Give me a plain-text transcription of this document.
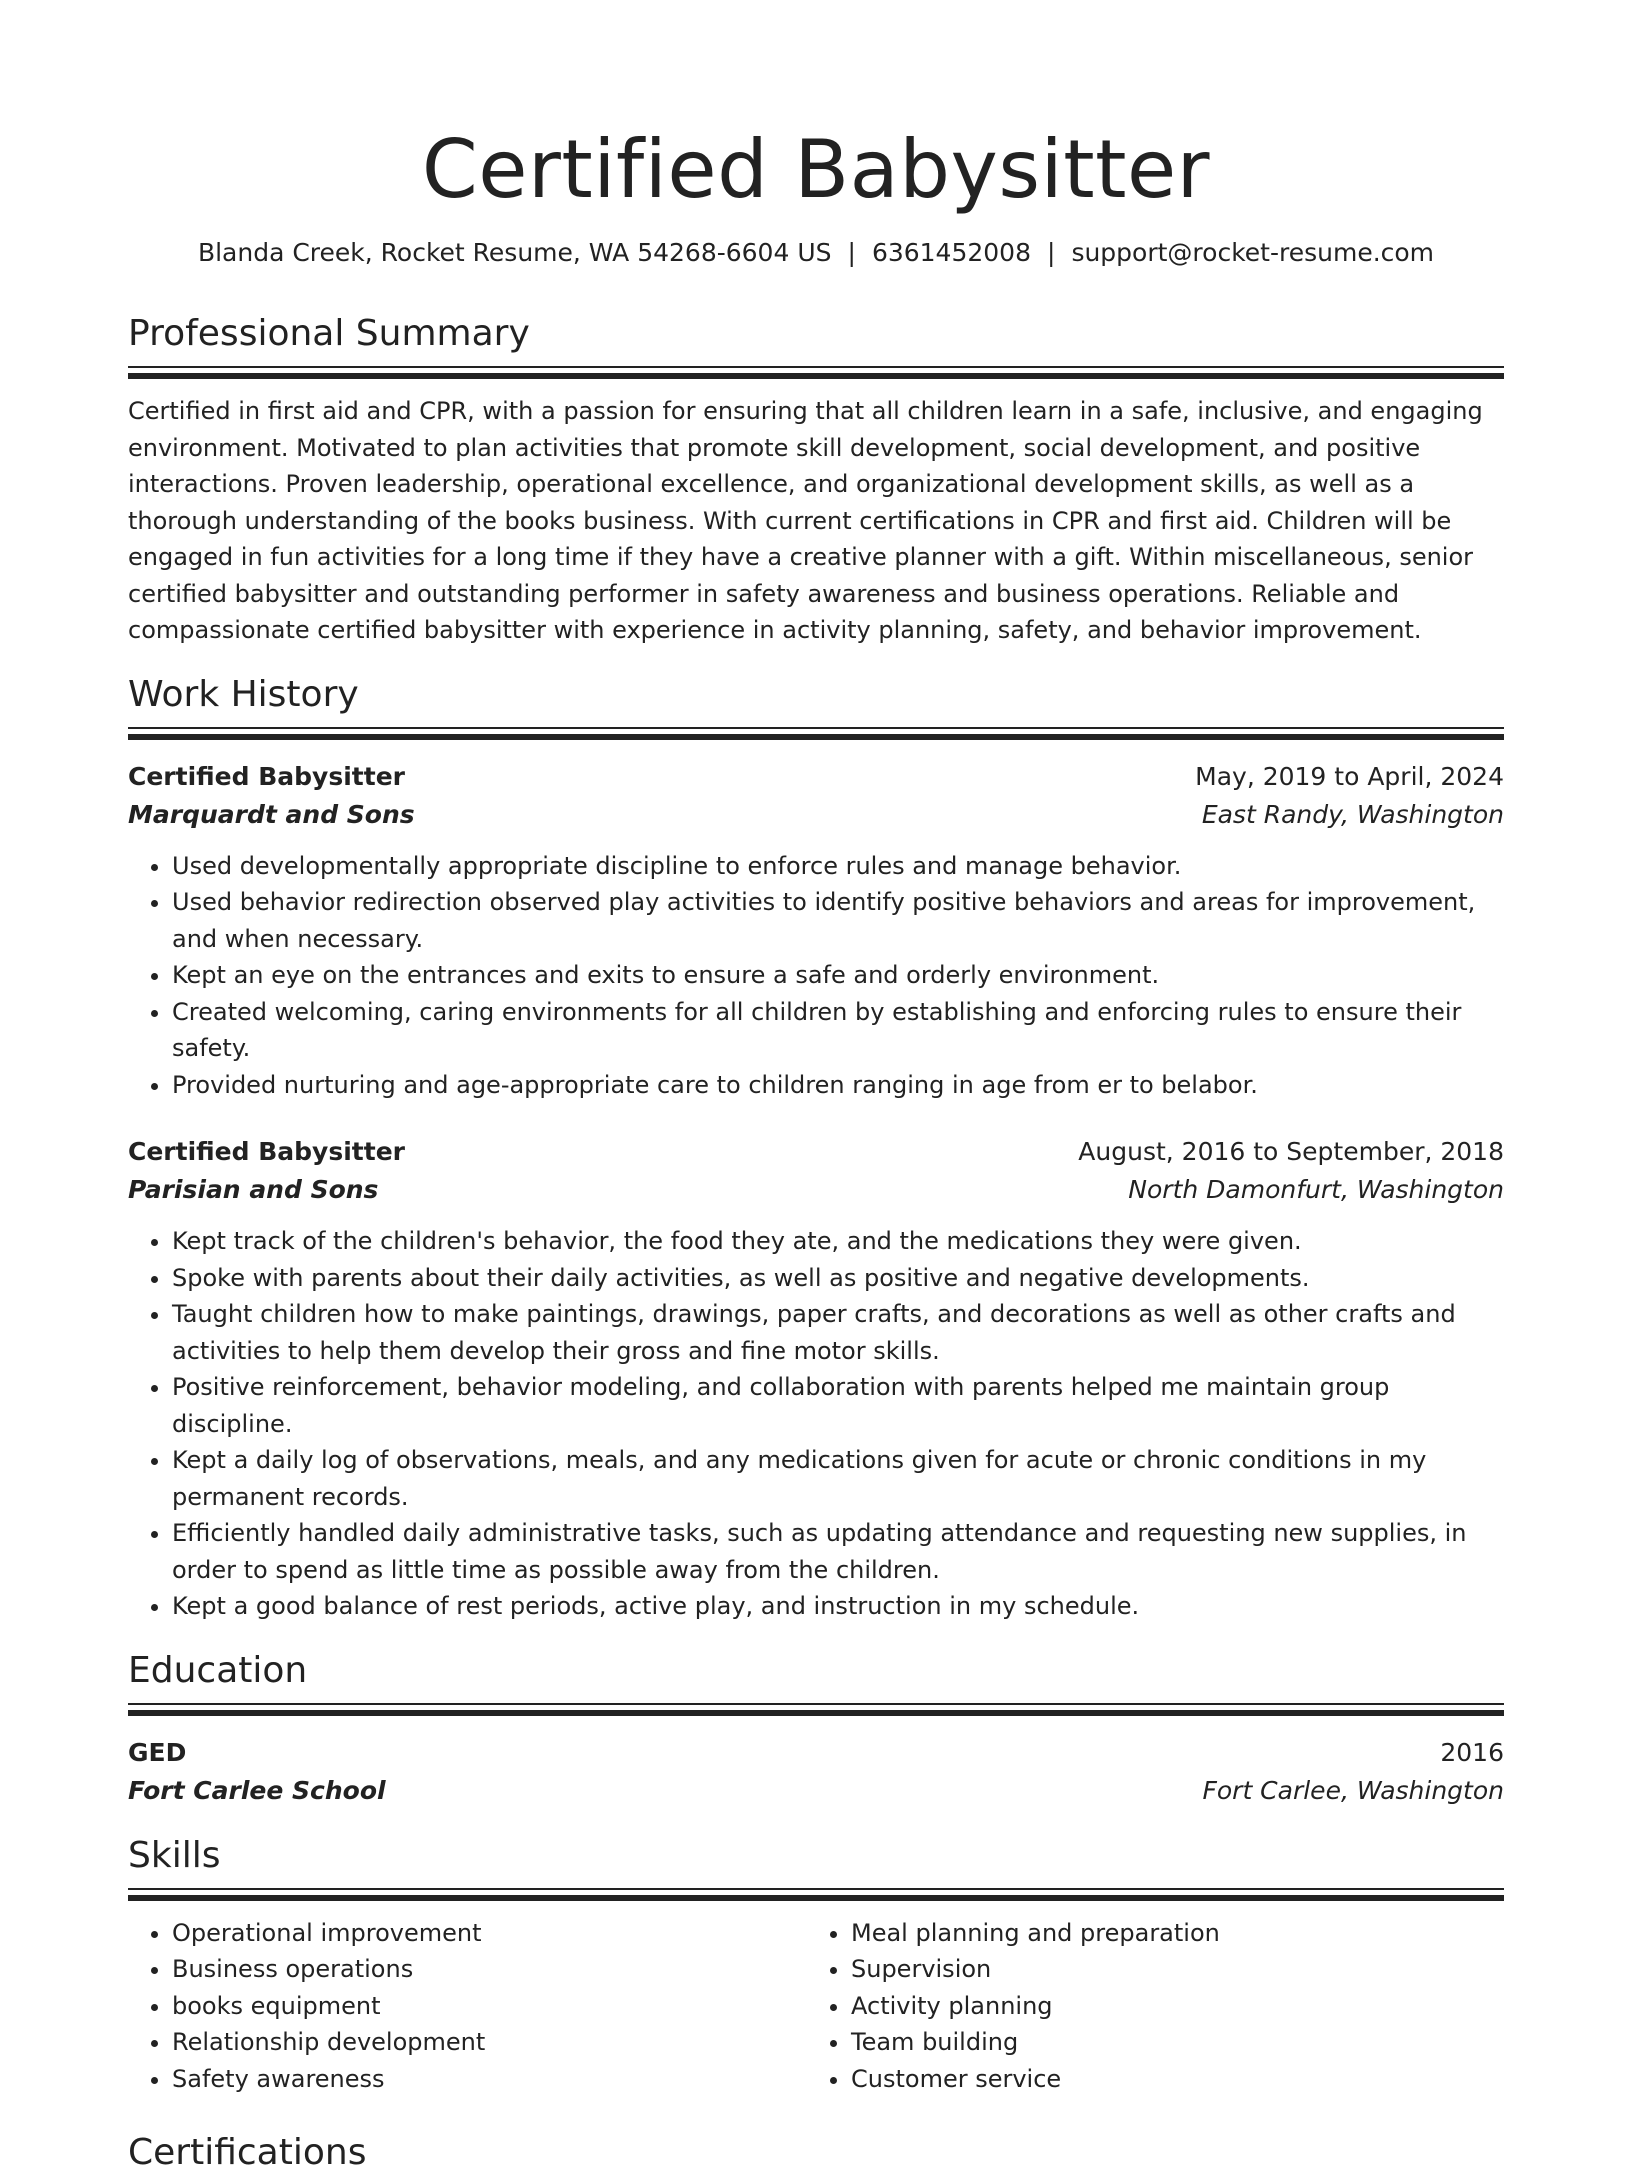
Certified Babysitter
Blanda Creek, Rocket Resume, WA 54268-6604 US | 6361452008 | support@rocket-resume.com
Professional Summary

Certified in first aid and CPR, with a passion for ensuring that all children learn in a safe, inclusive, and engaging environment. Motivated to plan activities that promote skill development, social development, and positive interactions. Proven leadership, operational excellence, and organizational development skills, as well as a thorough understanding of the books business. With current certifications in CPR and first aid. Children will be engaged in fun activities for a long time if they have a creative planner with a gift. Within miscellaneous, senior certified babysitter and outstanding performer in safety awareness and business operations. Reliable and compassionate certified babysitter with experience in activity planning, safety, and behavior improvement.

Work History
Certified Babysitter	May, 2019 to April, 2024
Marquardt and Sons	East Randy, Washington
• Used developmentally appropriate discipline to enforce rules and manage behavior.
• Used behavior redirection observed play activities to identify positive behaviors and areas for improvement, and when necessary.
• Kept an eye on the entrances and exits to ensure a safe and orderly environment.
• Created welcoming, caring environments for all children by establishing and enforcing rules to ensure their safety.
• Provided nurturing and age-appropriate care to children ranging in age from er to belabor.
Certified Babysitter	August, 2016 to September, 2018
Parisian and Sons	North Damonfurt, Washington
• Kept track of the children's behavior, the food they ate, and the medications they were given.
• Spoke with parents about their daily activities, as well as positive and negative developments.
• Taught children how to make paintings, drawings, paper crafts, and decorations as well as other crafts and activities to help them develop their gross and fine motor skills.
• Positive reinforcement, behavior modeling, and collaboration with parents helped me maintain group discipline.
• Kept a daily log of observations, meals, and any medications given for acute or chronic conditions in my permanent records.
• Efficiently handled daily administrative tasks, such as updating attendance and requesting new supplies, in order to spend as little time as possible away from the children.
• Kept a good balance of rest periods, active play, and instruction in my schedule.
Education
GED	2016
Fort Carlee School	Fort Carlee, Washington
Skills
• Operational improvement
• Business operations
• books equipment
• Relationship development
• Safety awareness
• Meal planning and preparation
• Supervision
• Activity planning
• Team building
• Customer service
Certifications
